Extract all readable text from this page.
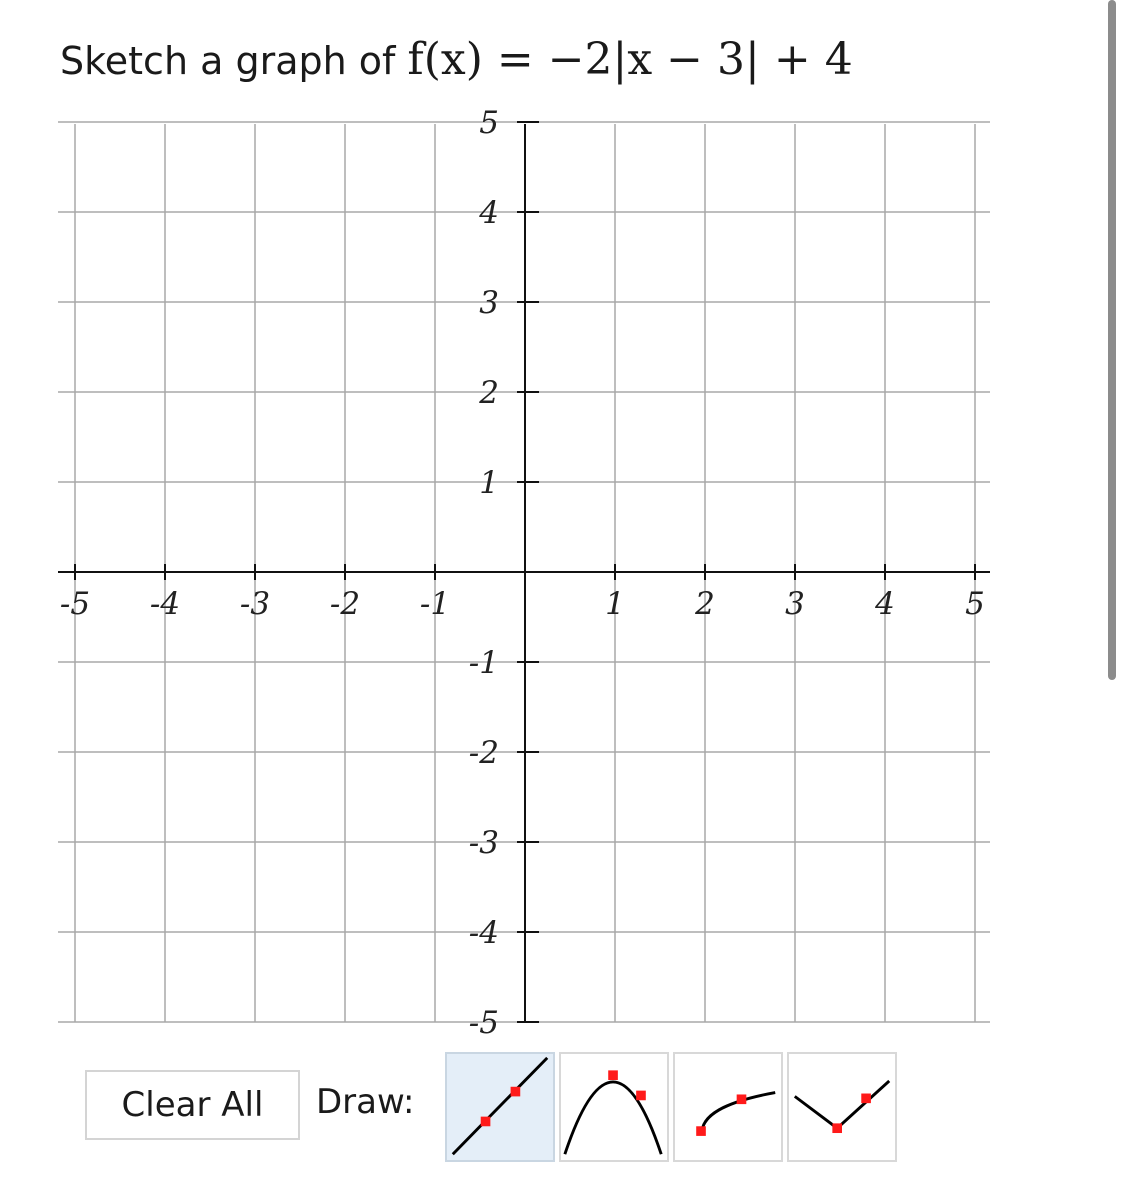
Sketch a graph of f(x) = −2|x − 3| + 4
-5 -4 -3 -2 -1	1 2 3 4 5
5
4
3
2
1
-1
-2
-3
-4
-5
Clear All	Draw:
